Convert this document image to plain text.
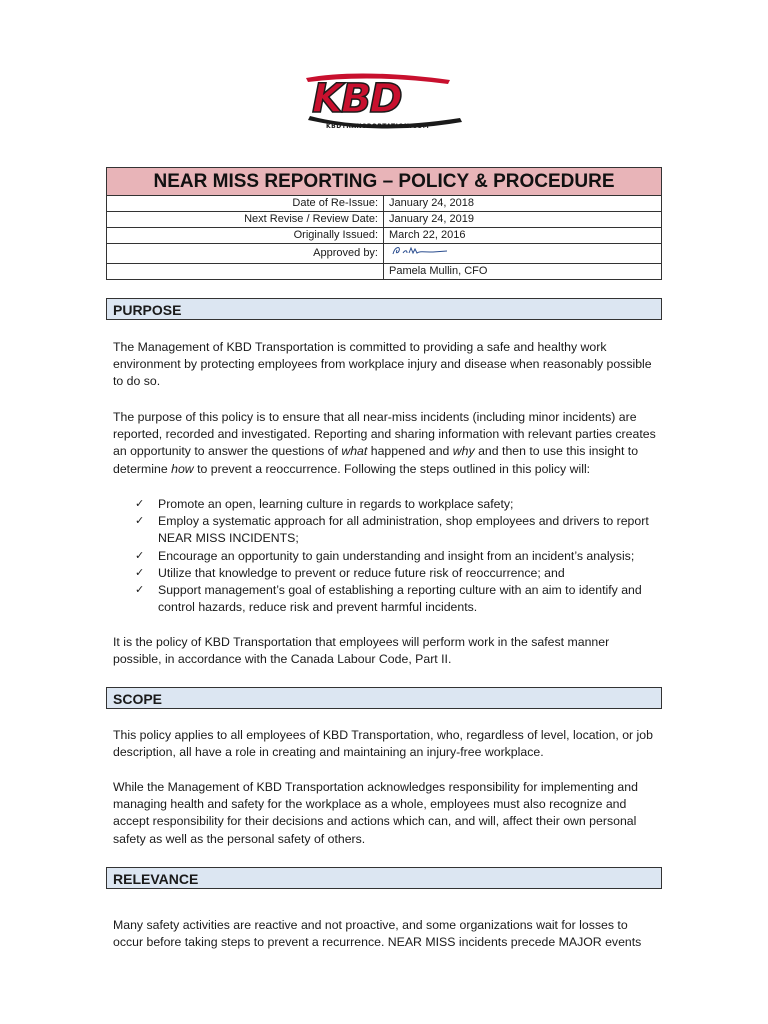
KBD
KBDTRANSPORTATION.COM
NEAR MISS REPORTING – POLICY & PROCEDURE	
Date of Re-Issue:	January 24, 2018
Next Revise / Review Date:	January 24, 2019
Originally Issued:	March 22, 2016
Approved by:	
	Pamela Mullin, CFO
PURPOSE

The Management of KBD Transportation is committed to providing a safe and healthy work environment by protecting employees from workplace injury and disease when reasonably possible to do so.

The purpose of this policy is to ensure that all near-miss incidents (including minor incidents) are reported, recorded and investigated. Reporting and sharing information with relevant parties creates an opportunity to answer the questions of what happened and why and then to use this insight to determine how to prevent a reoccurrence. Following the steps outlined in this policy will:

✓ Promote an open, learning culture in regards to workplace safety;
✓ Employ a systematic approach for all administration, shop employees and drivers to report NEAR MISS INCIDENTS;
✓ Encourage an opportunity to gain understanding and insight from an incident’s analysis;
✓ Utilize that knowledge to prevent or reduce future risk of reoccurrence; and
✓ Support management’s goal of establishing a reporting culture with an aim to identify and control hazards, reduce risk and prevent harmful incidents.

It is the policy of KBD Transportation that employees will perform work in the safest manner possible, in accordance with the Canada Labour Code, Part II.

SCOPE

This policy applies to all employees of KBD Transportation, who, regardless of level, location, or job description, all have a role in creating and maintaining an injury-free workplace.

While the Management of KBD Transportation acknowledges responsibility for implementing and managing health and safety for the workplace as a whole, employees must also recognize and accept responsibility for their decisions and actions which can, and will, affect their own personal safety as well as the personal safety of others.

RELEVANCE

Many safety activities are reactive and not proactive, and some organizations wait for losses to occur before taking steps to prevent a recurrence. NEAR MISS incidents precede MAJOR events
